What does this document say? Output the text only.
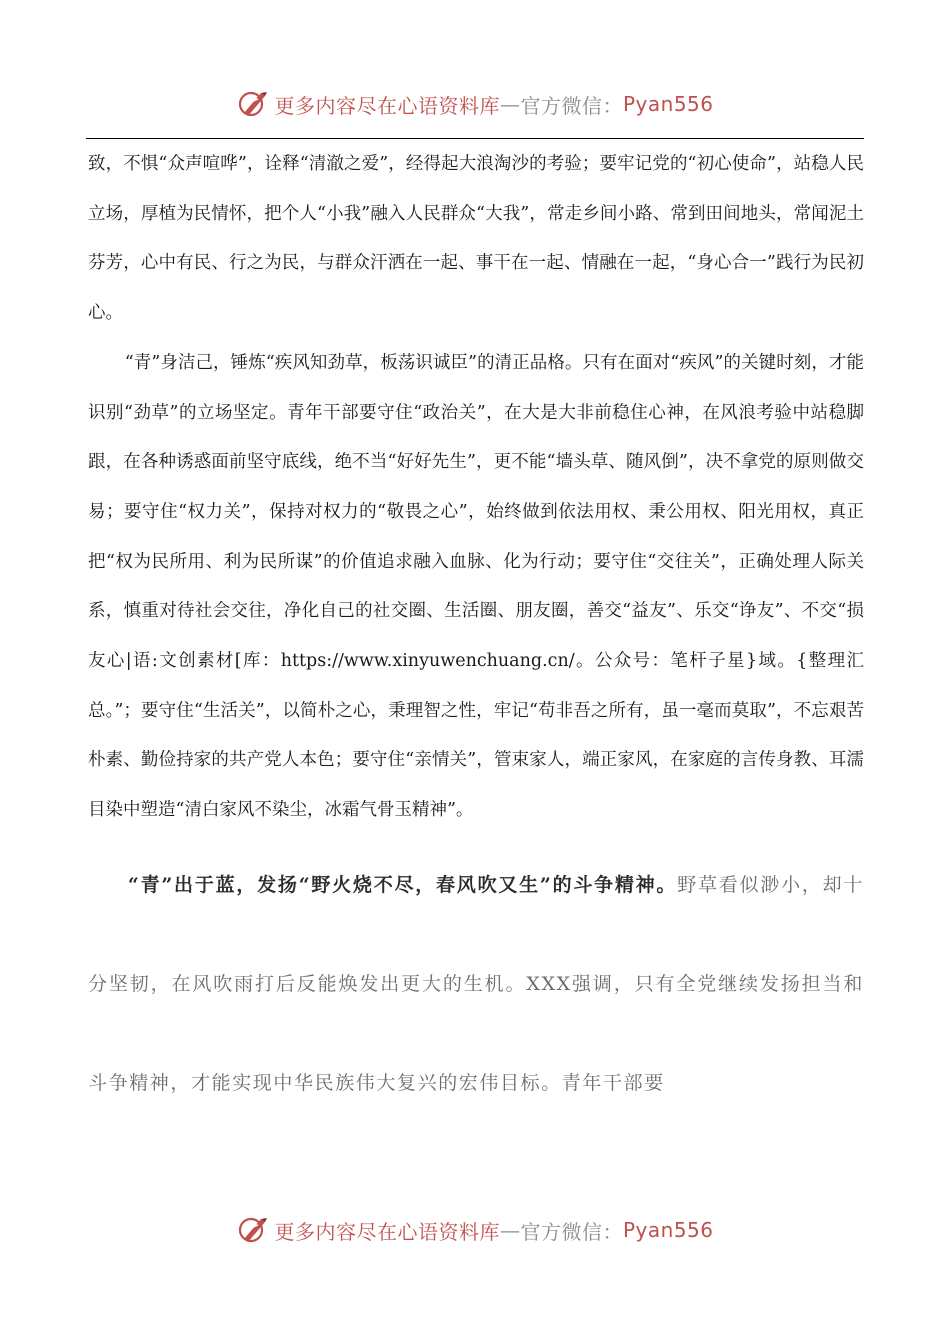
更多内容尽在心语资料库 — 官方微信： Pyan556

致，不惧“众声喧哗”，诠释“清澈之爱”，经得起大浪淘沙的考验；要牢记党的“初心使命”，站稳人民立场，厚植为民情怀，把个人“小我”融入人民群众“大我”，常走乡间小路、常到田间地头，常闻泥土芬芳，心中有民、行之为民，与群众汗洒在一起、事干在一起、情融在一起，“身心合一”践行为民初心。

“青”身洁己，锤炼“疾风知劲草，板荡识诚臣”的清正品格。只有在面对“疾风”的关键时刻，才能识别“劲草”的立场坚定。青年干部要守住“政治关”，在大是大非前稳住心神，在风浪考验中站稳脚跟，在各种诱惑面前坚守底线，绝不当“好好先生”，更不能“墙头草、随风倒”，决不拿党的原则做交易；要守住“权力关”，保持对权力的“敬畏之心”，始终做到依法用权、秉公用权、阳光用权，真正把“权为民所用、利为民所谋”的价值追求融入血脉、化为行动；要守住“交往关”，正确处理人际关系，慎重对待社会交往，净化自己的社交圈、生活圈、朋友圈，善交“益友”、乐交“诤友”、不交“损友心|语:文创素材[库：https://www.xinyuwenchuang.cn/。公众号：笔杆子星}域。{整理汇总。”；要守住“生活关”，以简朴之心，秉理智之性，牢记“苟非吾之所有，虽一毫而莫取”，不忘艰苦朴素、勤俭持家的共产党人本色；要守住“亲情关”，管束家人，端正家风，在家庭的言传身教、耳濡目染中塑造“清白家风不染尘，冰霜气骨玉精神”。

“青”出于蓝，发扬“野火烧不尽，春风吹又生”的斗争精神。野草看似渺小，却十分坚韧，在风吹雨打后反能焕发出更大的生机。XXX强调，只有全党继续发扬担当和斗争精神，才能实现中华民族伟大复兴的宏伟目标。青年干部要

更多内容尽在心语资料库 — 官方微信： Pyan556
